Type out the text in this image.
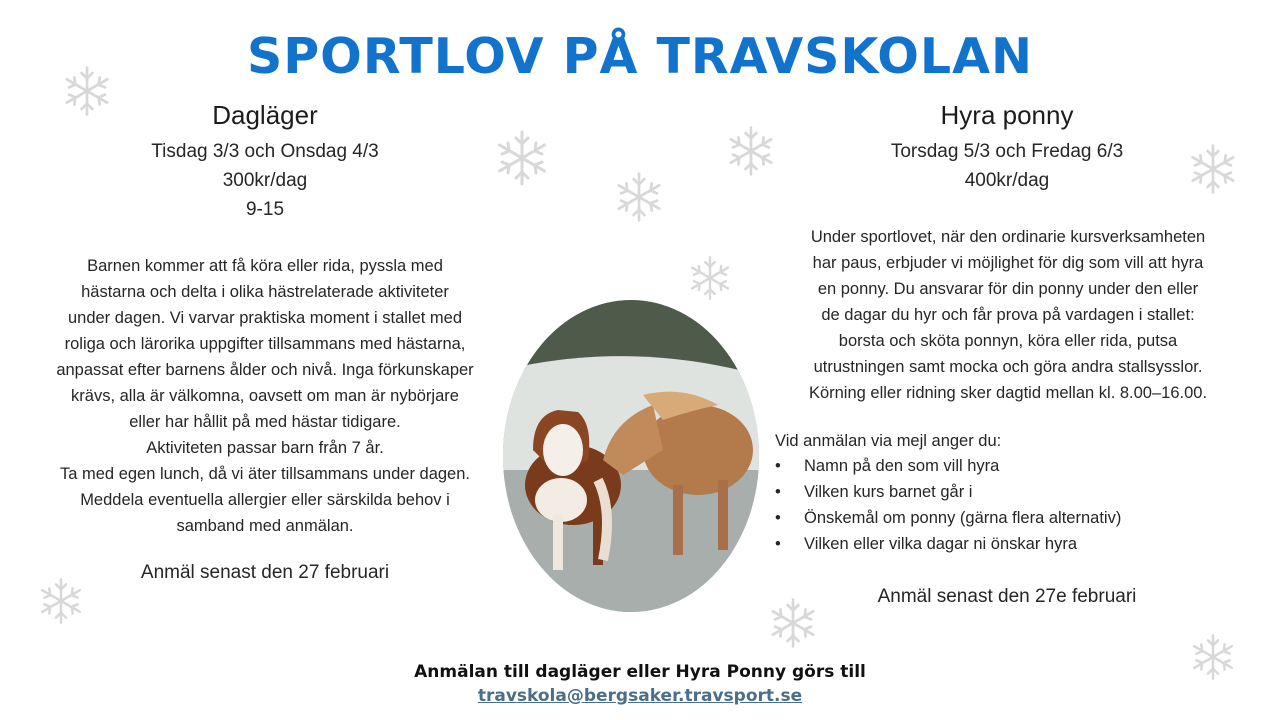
SPORTLOV PÅ TRAVSKOLAN

Dagläger

Tisdag 3/3 och Onsdag 4/3

300kr/dag

9-15

Barnen kommer att få köra eller rida, pyssla med

hästarna och delta i olika hästrelaterade aktiviteter

under dagen. Vi varvar praktiska moment i stallet med

roliga och lärorika uppgifter tillsammans med hästarna,

anpassat efter barnens ålder och nivå. Inga förkunskaper

krävs, alla är välkomna, oavsett om man är nybörjare

eller har hållit på med hästar tidigare.

Aktiviteten passar barn från 7 år.

Ta med egen lunch, då vi äter tillsammans under dagen.

Meddela eventuella allergier eller särskilda behov i

samband med anmälan.

Anmäl senast den 27 februari

Hyra ponny

Torsdag 5/3 och Fredag 6/3

400kr/dag

Under sportlovet, när den ordinarie kursverksamheten

har paus, erbjuder vi möjlighet för dig som vill att hyra

en ponny. Du ansvarar för din ponny under den eller

de dagar du hyr och får prova på vardagen i stallet:

borsta och sköta ponnyn, köra eller rida, putsa

utrustningen samt mocka och göra andra stallsysslor.

Körning eller ridning sker dagtid mellan kl. 8.00–16.00.

Vid anmälan via mejl anger du:
• Namn på den som vill hyra
• Vilken kurs barnet går i
• Önskemål om ponny (gärna flera alternativ)
• Vilken eller vilka dagar ni önskar hyra
Anmäl senast den 27e februari
Anmälan till dagläger eller Hyra Ponny görs till
travskola@bergsaker.travsport.se
